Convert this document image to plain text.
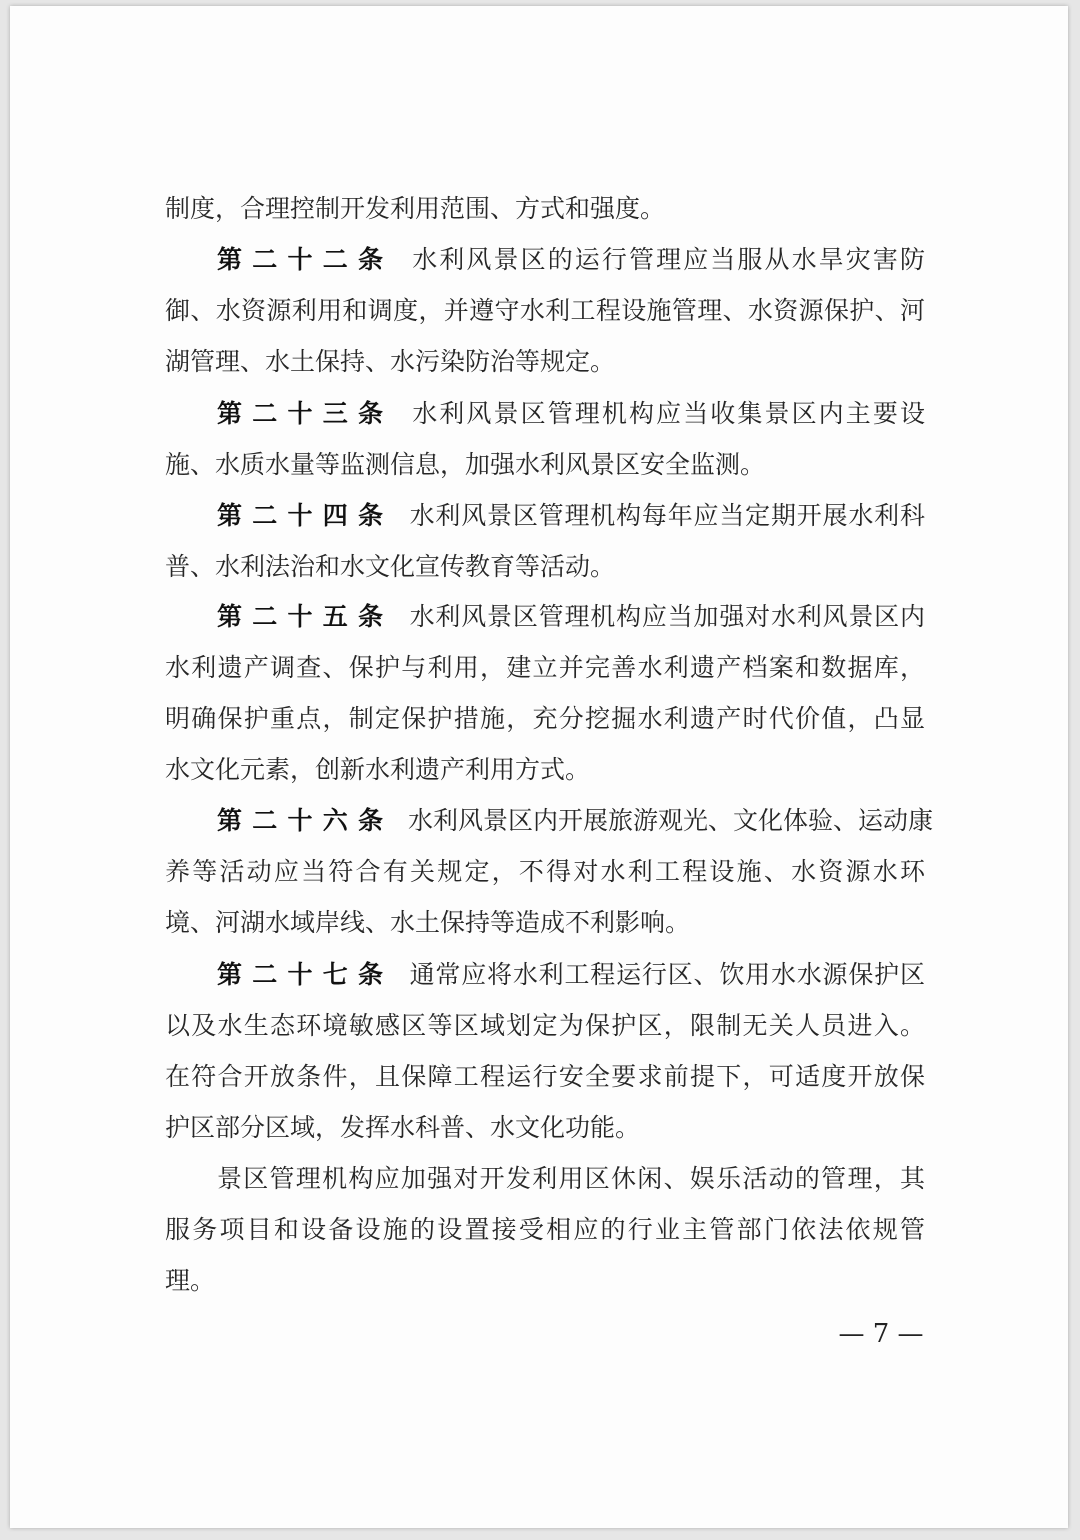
制度，合理控制开发利用范围、方式和强度。
第二十二条　 水利风景区的运行管理应当服从水旱灾害防
御、水资源利用和调度，并遵守水利工程设施管理、水资源保护、河
湖管理、水土保持、水污染防治等规定。
第二十三条　 水利风景区管理机构应当收集景区内主要设
施、水质水量等监测信息，加强水利风景区安全监测。
第二十四条　 水利风景区管理机构每年应当定期开展水利科
普、水利法治和水文化宣传教育等活动。
第二十五条　 水利风景区管理机构应当加强对水利风景区内
水利遗产调查、保护与利用，建立并完善水利遗产档案和数据库，
明确保护重点，制定保护措施，充分挖掘水利遗产时代价值，凸显
水文化元素，创新水利遗产利用方式。
第二十六条　 水利风景区内开展旅游观光、文化体验、运动康
养等活动应当符合有关规定，不得对水利工程设施、水资源水环
境、河湖水域岸线、水土保持等造成不利影响。
第二十七条　 通常应将水利工程运行区、饮用水水源保护区
以及水生态环境敏感区等区域划定为保护区，限制无关人员进入。
在符合开放条件，且保障工程运行安全要求前提下，可适度开放保
护区部分区域，发挥水科普、水文化功能。
景区管理机构应加强对开发利用区休闲、娱乐活动的管理，其
服务项目和设备设施的设置接受相应的行业主管部门依法依规管
理。
— 7 —
